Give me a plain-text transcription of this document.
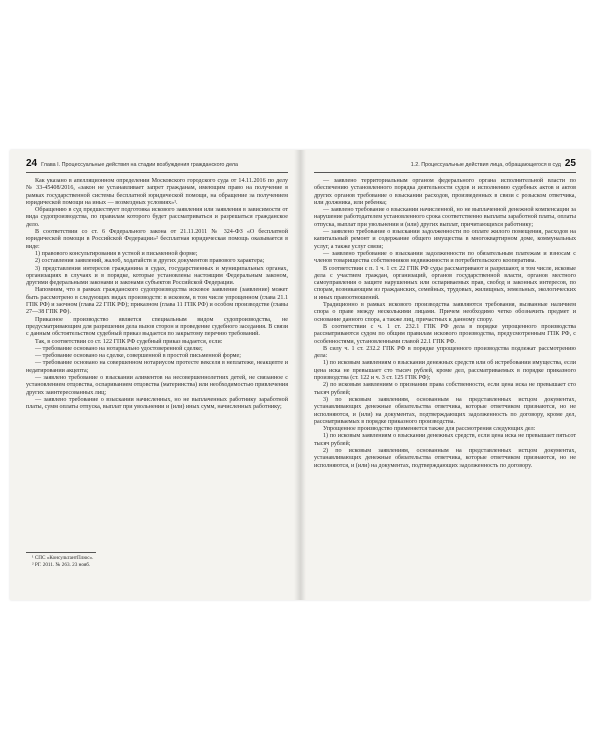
24 Глава I. Процессуальные действия на стадии возбуждения гражданского дела

Как указано в апелляционном определении Московского городского суда от 14.11.2016 по делу № 33-45408/2016, «закон не устанавливает запрет гражданам, имеющим право на получение в рамках государственной системы бесплатной юридической помощи, на обращение за получением юридической помощи на иных — возмездных условиях»¹.

Обращению в суд предшествует подготовка искового заявления или заявления в зависимости от вида судопроизводства, по правилам которого будет рассматриваться и разрешаться гражданское дело.

В соответствии со ст. 6 Федерального закона от 21.11.2011 № 324-ФЗ «О бесплатной юридической помощи в Российской Федерации»² бесплатная юридическая помощь оказывается в виде:

1) правового консультирования в устной и письменной форме;

2) составления заявлений, жалоб, ходатайств и других документов правового характера;

3) представления интересов гражданина в судах, государственных и муниципальных органах, организациях в случаях и в порядке, которые установлены настоящим Федеральным законом, другими федеральными законами и законами субъектов Российской Федерации.

Напомним, что в рамках гражданского судопроизводства исковое заявление (заявление) может быть рассмотрено в следующих видах производств: в исковом, в том числе упрощенном (глава 21.1 ГПК РФ) и заочном (глава 22 ГПК РФ); приказном (глава 11 ГПК РФ) и особом производстве (главы 27—38 ГПК РФ).

Приказное производство является специальным видом судопроизводства, не предусматривающим для разрешения дела вызов сторон и проведение судебного заседания. В связи с данным обстоятельством судебный приказ выдается по закрытому перечню требований.

Так, в соответствии со ст. 122 ГПК РФ судебный приказ выдается, если:

— требование основано на нотариально удостоверенной сделке;

— требование основано на сделке, совершенной в простой письменной форме;

— требование основано на совершенном нотариусом протесте векселя в неплатеже, неакцепте и недатировании акцепта;

— заявлено требование о взыскании алиментов на несовершеннолетних детей, не связанное с установлением отцовства, оспариванием отцовства (материнства) или необходимостью привлечения других заинтересованных лиц;

— заявлено требование о взыскании начисленных, но не выплаченных работнику заработной платы, сумм оплаты отпуска, выплат при увольнении и (или) иных сумм, начисленных работнику;

¹ СПС «КонсультантПлюс».

² РГ. 2011. № 263. 23 нояб.

1.2. Процессуальные действия лица, обращающегося в суд 25

— заявлено территориальным органом федерального органа исполнительной власти по обеспечению установленного порядка деятельности судов и исполнению судебных актов и актов других органов требование о взыскании расходов, произведенных в связи с розыском ответчика, или должника, или ребенка;

— заявлено требование о взыскании начисленной, но не выплаченной денежной компенсации за нарушение работодателем установленного срока соответственно выплаты заработной платы, оплаты отпуска, выплат при увольнении и (или) других выплат, причитающихся работнику;

— заявлено требование о взыскании задолженности по оплате жилого помещения, расходов на капитальный ремонт и содержание общего имущества в многоквартирном доме, коммунальных услуг, а также услуг связи;

— заявлено требование о взыскании задолженности по обязательным платежам и взносам с членов товарищества собственников недвижимости и потребительского кооператива.

В соответствии с п. 1 ч. 1 ст. 22 ГПК РФ суды рассматривают и разрешают, в том числе, исковые дела с участием граждан, организаций, органов государственной власти, органов местного самоуправления о защите нарушенных или оспариваемых прав, свобод и законных интересов, по спорам, возникающим из гражданских, семейных, трудовых, жилищных, земельных, экологических и иных правоотношений.

Традиционно в рамках искового производства заявляются требования, вызванные наличием спора о праве между несколькими лицами. Причем необходимо четко обозначить предмет и основание данного спора, а также лиц, причастных к данному спору.

В соответствии с ч. 1 ст. 232.1 ГПК РФ дела в порядке упрощенного производства рассматриваются судом по общим правилам искового производства, предусмотренным ГПК РФ, с особенностями, установленными главой 22.1 ГПК РФ.

В силу ч. 1 ст. 232.2 ГПК РФ в порядке упрощенного производства подлежат рассмотрению дела:

1) по исковым заявлениям о взыскании денежных средств или об истребовании имущества, если цена иска не превышает сто тысяч рублей, кроме дел, рассматриваемых в порядке приказного производства (ст. 122 и ч. 3 ст. 125 ГПК РФ);

2) по исковым заявлениям о признании права собственности, если цена иска не превышает сто тысяч рублей;

3) по исковым заявлениям, основанным на представленных истцом документах, устанавливающих денежные обязательства ответчика, которые ответчиком признаются, но не исполняются, и (или) на документах, подтверждающих задолженность по договору, кроме дел, рассматриваемых в порядке приказного производства.

Упрощенное производство применяется также для рассмотрения следующих дел:

1) по исковым заявлениям о взыскании денежных средств, если цена иска не превышает пятьсот тысяч рублей;

2) по исковым заявлениям, основанным на представленных истцом документах, устанавливающих денежные обязательства ответчика, которые ответчиком признаются, но не исполняются, и (или) на документах, подтверждающих задолженность по договору.
